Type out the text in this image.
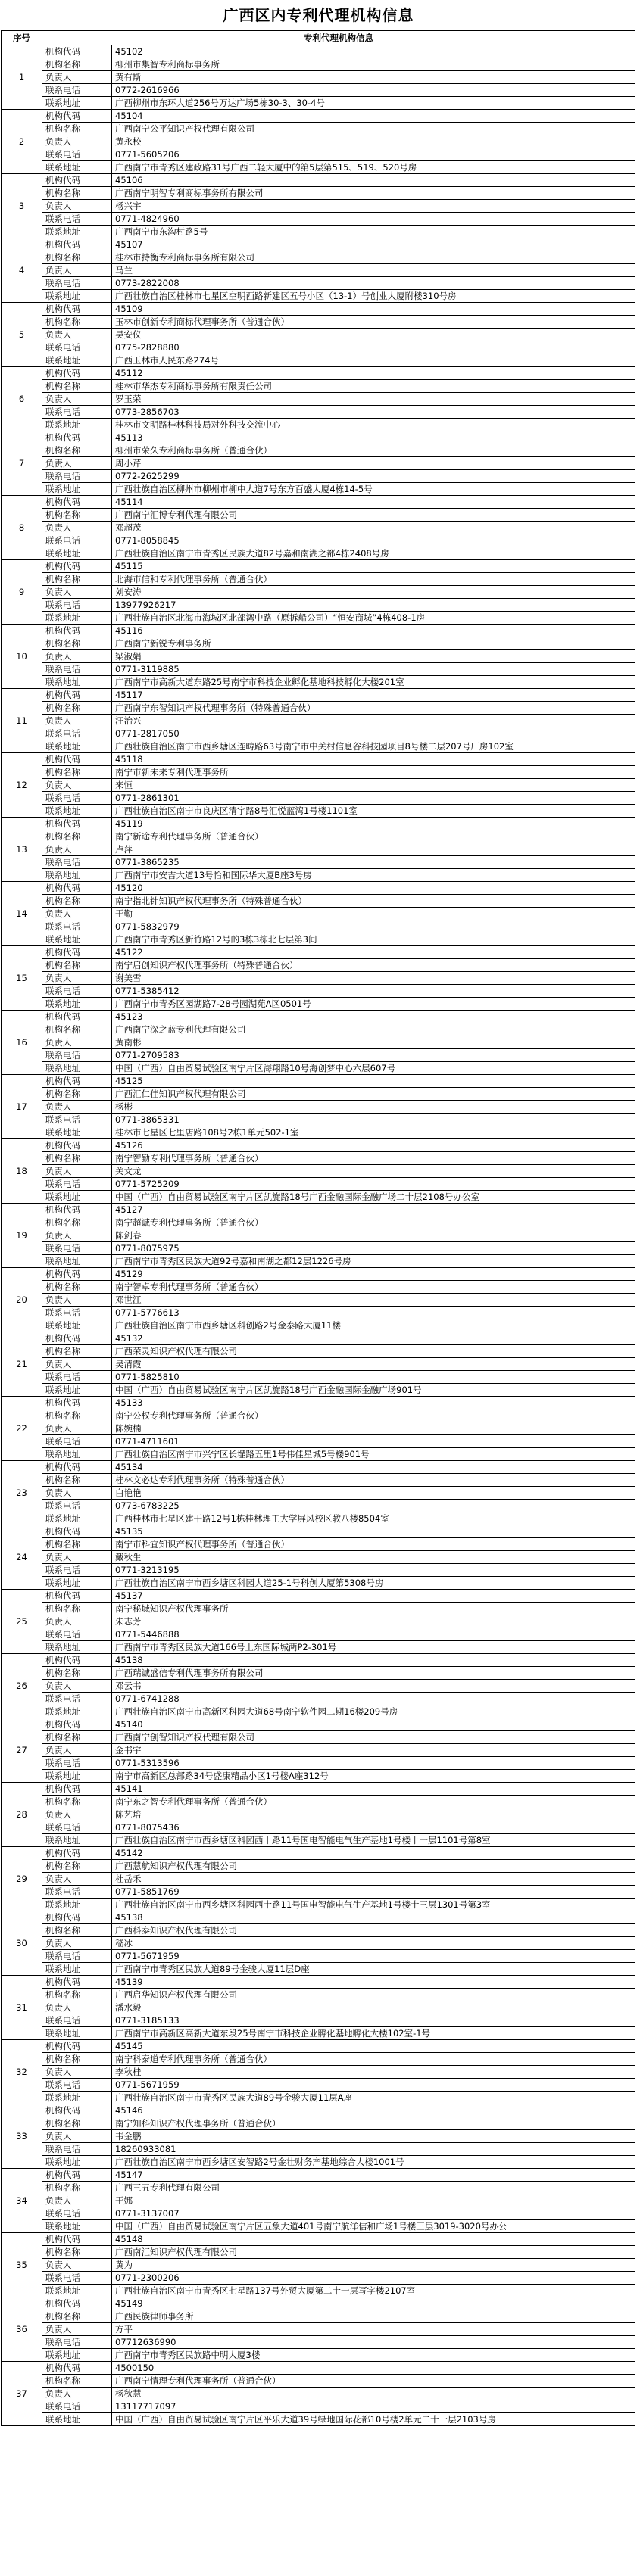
广西区内专利代理机构信息
序号	专利代理机构信息	
1	机构代码	45102
	机构名称	柳州市集智专利商标事务所
	负责人	黄有斯
	联系电话	0772-2616966
	联系地址	广西柳州市东环大道256号万达广场5栋30-3、30-4号
2	机构代码	45104
	机构名称	广西南宁公平知识产权代理有限公司
	负责人	黄永校
	联系电话	0771-5605206
	联系地址	广西南宁市青秀区建政路31号广西二轻大厦中的第5层第515、519、520号房
3	机构代码	45106
	机构名称	广西南宁明智专利商标事务所有限公司
	负责人	杨兴宇
	联系电话	0771-4824960
	联系地址	广西南宁市东沟村路5号
4	机构代码	45107
	机构名称	桂林市持衡专利商标事务所有限公司
	负责人	马兰
	联系电话	0773-2822008
	联系地址	广西壮族自治区桂林市七星区空明西路新建区五号小区（13-1）号创业大厦附楼310号房
5	机构代码	45109
	机构名称	玉林市创新专利商标代理事务所（普通合伙）
	负责人	吴安仪
	联系电话	0775-2828880
	联系地址	广西玉林市人民东路274号
6	机构代码	45112
	机构名称	桂林市华杰专利商标事务所有限责任公司
	负责人	罗玉荣
	联系电话	0773-2856703
	联系地址	桂林市文明路桂林科技局对外科技交流中心
7	机构代码	45113
	机构名称	柳州市荣久专利商标事务所（普通合伙）
	负责人	周小芹
	联系电话	0772-2625299
	联系地址	广西壮族自治区柳州市柳州市柳中大道7号东方百盛大厦4栋14-5号
8	机构代码	45114
	机构名称	广西南宁汇博专利代理有限公司
	负责人	邓超茂
	联系电话	0771-8058845
	联系地址	广西壮族自治区南宁市青秀区民族大道82号嘉和南湖之都4栋2408号房
9	机构代码	45115
	机构名称	北海市信和专利代理事务所（普通合伙）
	负责人	刘安涛
	联系电话	13977926217
	联系地址	广西壮族自治区北海市海城区北部湾中路（原拆船公司）“恒安商城”4栋408-1房
10	机构代码	45116
	机构名称	广西南宁新锐专利事务所
	负责人	梁淑娟
	联系电话	0771-3119885
	联系地址	广西南宁市高新大道东路25号南宁市科技企业孵化基地科技孵化大楼201室
11	机构代码	45117
	机构名称	广西南宁东智知识产权代理事务所（特殊普通合伙）
	负责人	汪治兴
	联系电话	0771-2817050
	联系地址	广西壮族自治区南宁市西乡塘区连畴路63号南宁市中关村信息谷科技园项目8号楼二层207号厂房102室
12	机构代码	45118
	机构名称	南宁市新未来专利代理事务所
	负责人	来恒
	联系电话	0771-2861301
	联系地址	广西壮族自治区南宁市良庆区清宇路8号汇悦蓝湾1号楼1101室
13	机构代码	45119
	机构名称	南宁新途专利代理事务所（普通合伙）
	负责人	卢萍
	联系电话	0771-3865235
	联系地址	广西南宁市安吉大道13号恰和国际华大厦B座3号房
14	机构代码	45120
	机构名称	南宁指北针知识产权代理事务所（特殊普通合伙）
	负责人	于勤
	联系电话	0771-5832979
	联系地址	广西南宁市青秀区新竹路12号的3栋3栋北七层第3间
15	机构代码	45122
	机构名称	南宁启创知识产权代理事务所（特殊普通合伙）
	负责人	谢美雪
	联系电话	0771-5385412
	联系地址	广西南宁市青秀区园湖路7-28号园湖苑A区0501号
16	机构代码	45123
	机构名称	广西南宁深之蓝专利代理有限公司
	负责人	黄南彬
	联系电话	0771-2709583
	联系地址	中国（广西）自由贸易试验区南宁片区海翔路10号海创梦中心六层607号
17	机构代码	45125
	机构名称	广西汇仁佳知识产权代理有限公司
	负责人	杨彬
	联系电话	0771-3865331
	联系地址	桂林市七星区七里店路108号2栋1单元502-1室
18	机构代码	45126
	机构名称	南宁智勤专利代理事务所（普通合伙）
	负责人	关文龙
	联系电话	0771-5725209
	联系地址	中国（广西）自由贸易试验区南宁片区凯旋路18号广西金融国际金融广场二十层2108号办公室
19	机构代码	45127
	机构名称	南宁超诚专利代理事务所（普通合伙）
	负责人	陈剑春
	联系电话	0771-8075975
	联系地址	广西南宁市青秀区民族大道92号嘉和南湖之都12层1226号房
20	机构代码	45129
	机构名称	南宁智卓专利代理事务所（普通合伙）
	负责人	邓世江
	联系电话	0771-5776613
	联系地址	广西壮族自治区南宁市西乡塘区科创路2号金泰路大厦11楼
21	机构代码	45132
	机构名称	广西荣灵知识产权代理有限公司
	负责人	吴清霞
	联系电话	0771-5825810
	联系地址	中国（广西）自由贸易试验区南宁片区凯旋路18号广西金融国际金融广场901号
22	机构代码	45133
	机构名称	南宁公权专利代理事务所（普通合伙）
	负责人	陈婉楠
	联系电话	0771-4711601
	联系地址	广西壮族自治区南宁市兴宁区长堽路五里1号伟佳星城5号楼901号
23	机构代码	45134
	机构名称	桂林文必达专利代理事务所（特殊普通合伙）
	负责人	白艳艳
	联系电话	0773-6783225
	联系地址	广西桂林市七星区建干路12号1栋桂林理工大学屏风校区教八楼8504室
24	机构代码	45135
	机构名称	南宁市科宜知识产权代理事务所（普通合伙）
	负责人	戴秋生
	联系电话	0771-3213195
	联系地址	广西壮族自治区南宁市西乡塘区科园大道25-1号科创大厦第5308号房
25	机构代码	45137
	机构名称	南宁秘域知识产权代理事务所
	负责人	朱志芳
	联系电话	0771-5446888
	联系地址	广西南宁市青秀区民族大道166号上东国际城两P2-301号
26	机构代码	45138
	机构名称	广西瑞诚盛信专利代理事务所有限公司
	负责人	邓云书
	联系电话	0771-6741288
	联系地址	广西壮族自治区南宁市高新区科园大道68号南宁软件园二期16楼209号房
27	机构代码	45140
	机构名称	广西南宁创智知识产权代理有限公司
	负责人	金书宇
	联系电话	0771-5313596
	联系地址	南宁市高新区总部路34号盛康精品小区1号楼A座312号
28	机构代码	45141
	机构名称	南宁东之智专利代理事务所（普通合伙）
	负责人	陈艺培
	联系电话	0771-8075436
	联系地址	广西壮族自治区南宁市西乡塘区科园西十路11号国电智能电气生产基地1号楼十一层1101号第8室
29	机构代码	45142
	机构名称	广西慧航知识产权代理有限公司
	负责人	杜岳禾
	联系电话	0771-5851769
	联系地址	广西壮族自治区南宁市西乡塘区科园西十路11号国电智能电气生产基地1号楼十三层1301号第3室
30	机构代码	45138
	机构名称	广西科泰知识产权代理有限公司
	负责人	嵇冰
	联系电话	0771-5671959
	联系地址	广西南宁市青秀区民族大道89号金骏大厦11层D座
31	机构代码	45139
	机构名称	广西启华知识产权代理有限公司
	负责人	潘水毅
	联系电话	0771-3185133
	联系地址	广西南宁市高新区高新大道东段25号南宁市科技企业孵化基地孵化大楼102室-1号
32	机构代码	45145
	机构名称	南宁科泰道专利代理事务所（普通合伙）
	负责人	李秋桂
	联系电话	0771-5671959
	联系地址	广西壮族自治区南宁市青秀区民族大道89号金骏大厦11层A座
33	机构代码	45146
	机构名称	南宁知科知识产权代理事务所（普通合伙）
	负责人	韦金鹏
	联系电话	18260933081
	联系地址	广西壮族自治区南宁市西乡塘区安智路2号金壮财务产基地综合大楼1001号
34	机构代码	45147
	机构名称	广西三五专利代理有限公司
	负责人	于娜
	联系电话	0771-3137007
	联系地址	中国（广西）自由贸易试验区南宁片区五象大道401号南宁航洋信和广场1号楼三层3019-3020号办公
35	机构代码	45148
	机构名称	广西南汇知识产权代理有限公司
	负责人	黄为
	联系电话	0771-2300206
	联系地址	广西壮族自治区南宁市青秀区七星路137号外贸大厦第二十一层写字楼2107室
36	机构代码	45149
	机构名称	广西民族律师事务所
	负责人	方平
	联系电话	07712636990
	联系地址	广西南宁市青秀区民族路中明大厦3楼
37	机构代码	4500150
	机构名称	广西南宁情理专利代理事务所（普通合伙）
	负责人	杨秋慧
	联系电话	13117717097
	联系地址	中国（广西）自由贸易试验区南宁片区平乐大道39号绿地国际花都10号楼2单元二十一层2103号房
